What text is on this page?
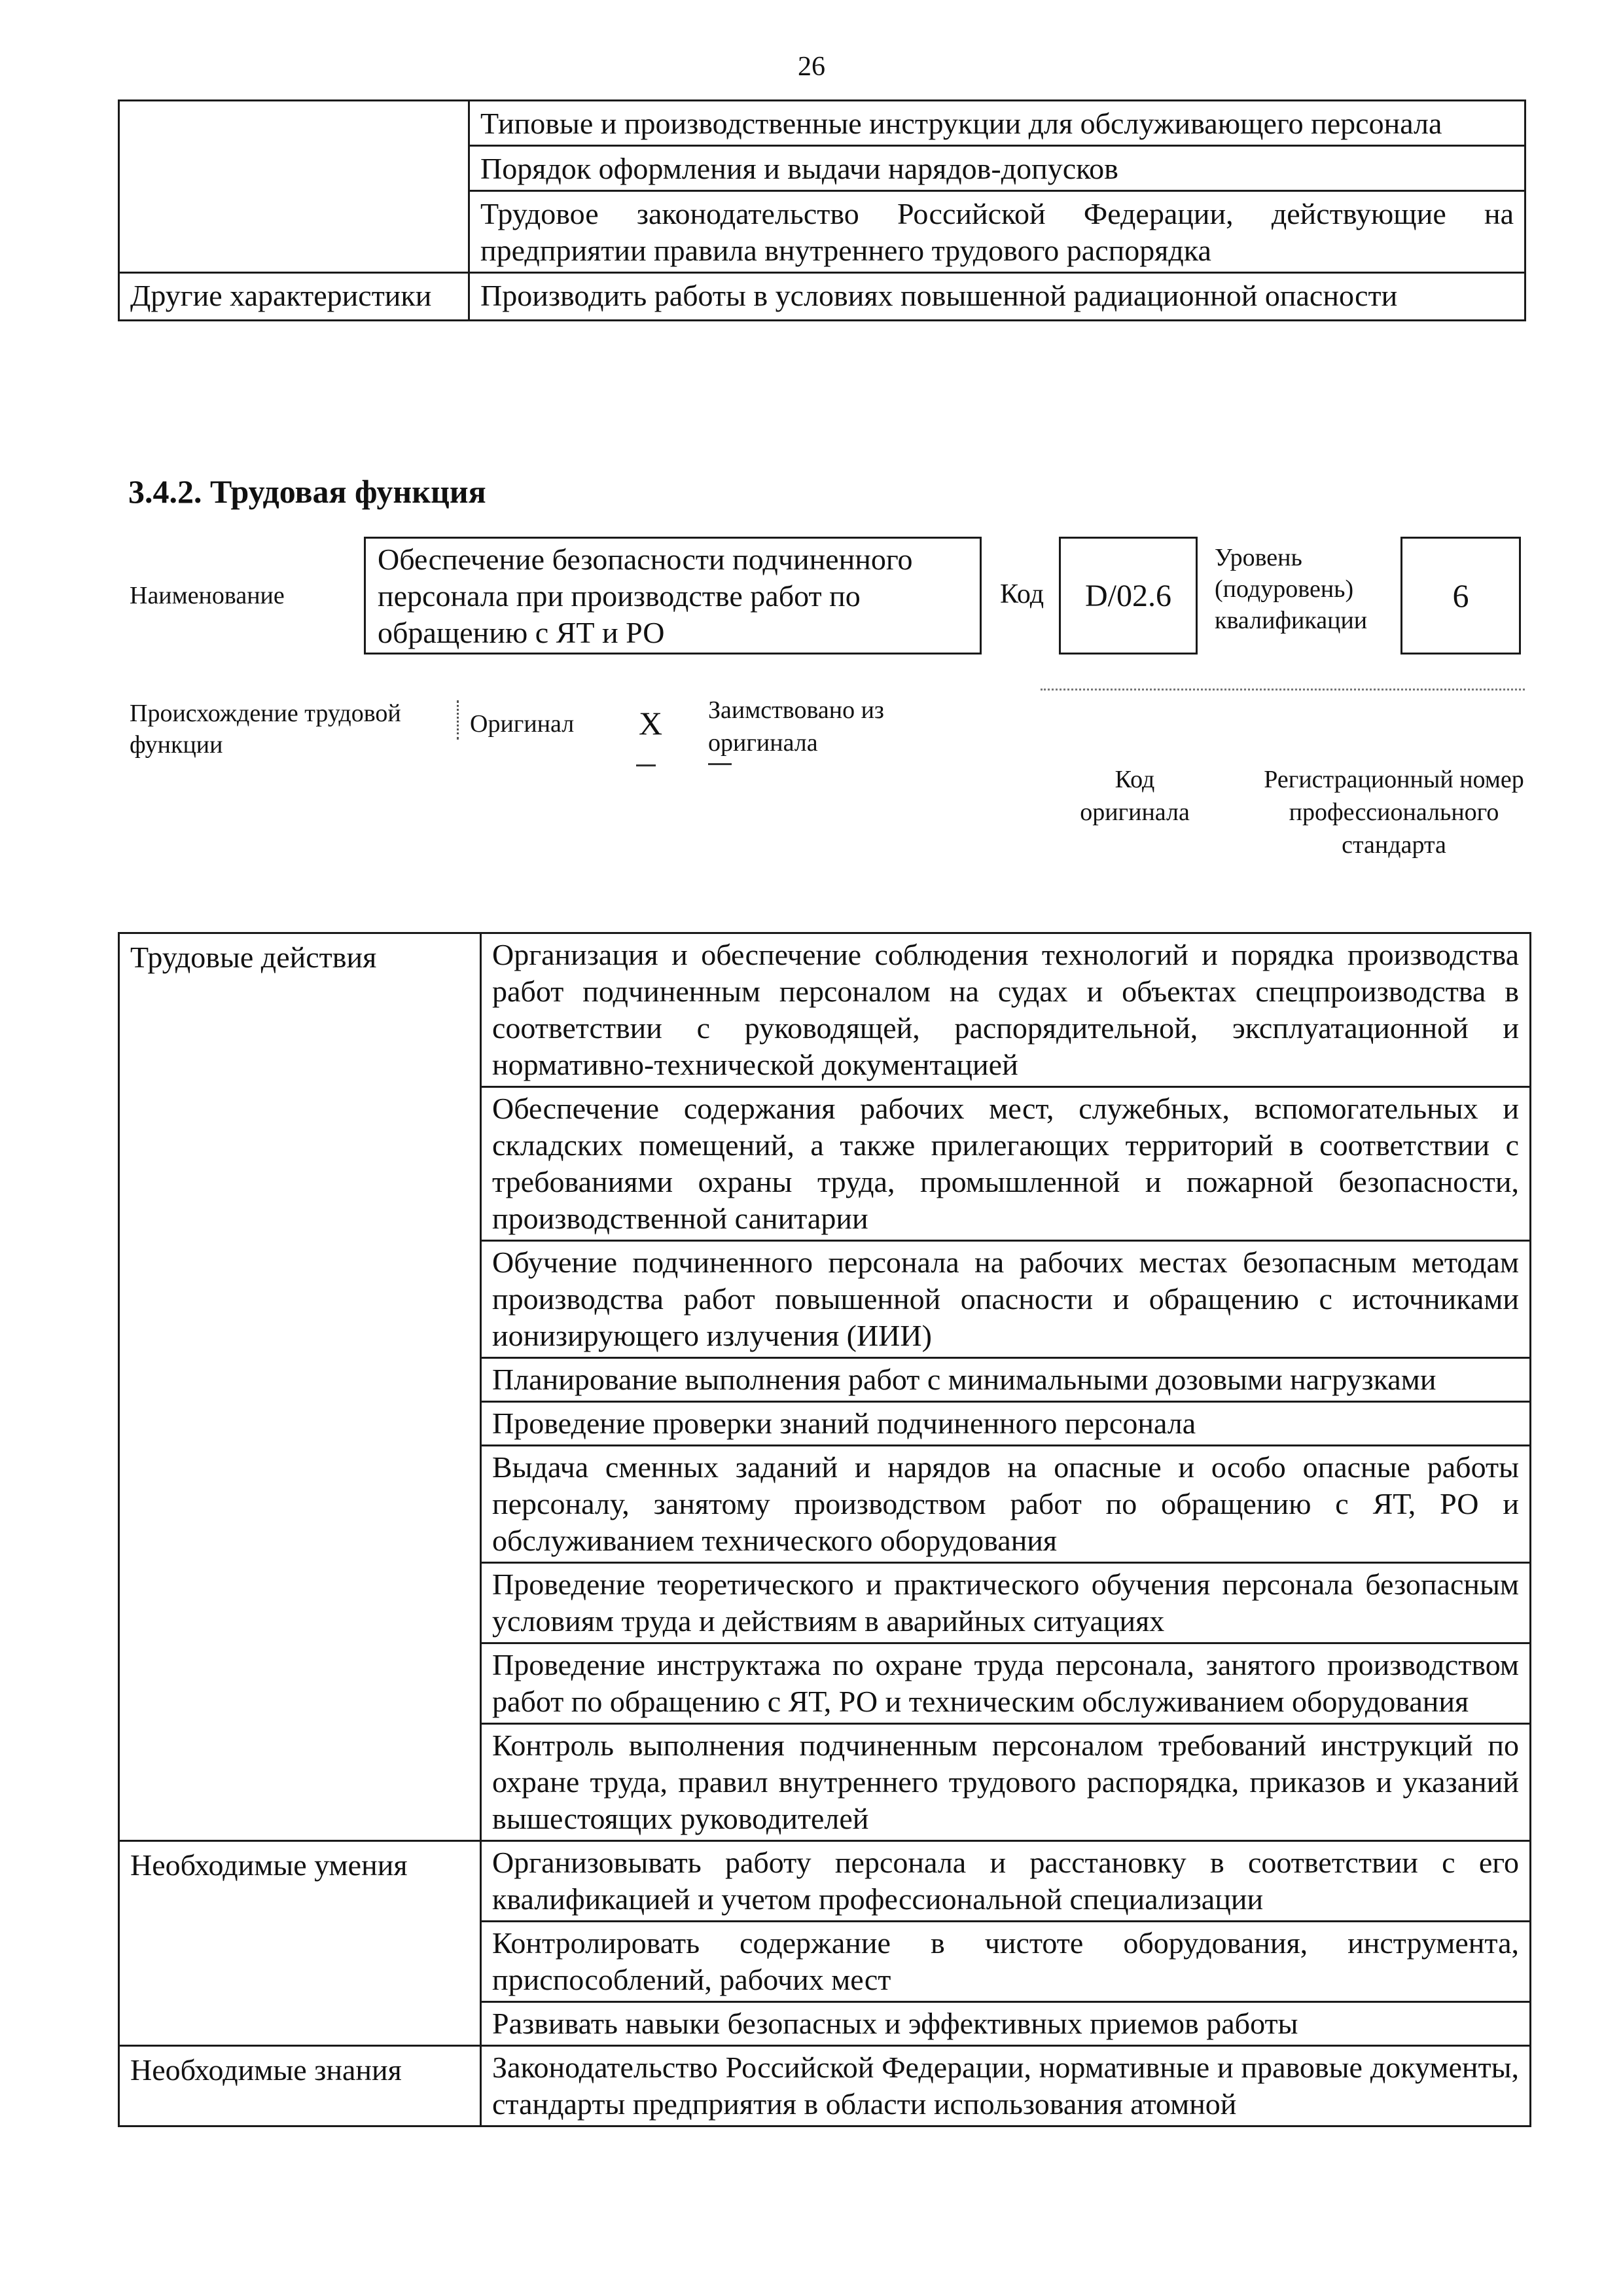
26
	Типовые и производственные инструкции для обслуживающего персонала
	Порядок оформления и выдачи нарядов-допусков
	Трудовое законодательство Российской Федерации, действующие на предприятии правила внутреннего трудового распорядка
Другие характеристики	Производить работы в условиях повышенной радиационной опасности
3.4.2. Трудовая функция
Наименование
Обеспечение безопасности подчиненного персонала при производстве работ по обращению с ЯТ и РО
Код	D/02.6
Уровень (подуровень) квалификации
6
Происхождение трудовой функции
Оригинал X Заимствовано из оригинала
Код оригинала
Регистрационный номер профессионального стандарта
Трудовые действия	Организация и обеспечение соблюдения технологий и порядка производства работ подчиненным персоналом на судах и объектах спецпроизводства в соответствии с руководящей, распорядительной, эксплуатационной и нормативно-технической документацией
	Обеспечение содержания рабочих мест, служебных, вспомогательных и складских помещений, а также прилегающих территорий в соответствии с требованиями охраны труда, промышленной и пожарной безопасности, производственной санитарии
	Обучение подчиненного персонала на рабочих местах безопасным методам производства работ повышенной опасности и обращению с источниками ионизирующего излучения (ИИИ)
	Планирование выполнения работ с минимальными дозовыми нагрузками
	Проведение проверки знаний подчиненного персонала
	Выдача сменных заданий и нарядов на опасные и особо опасные работы персоналу, занятому производством работ по обращению с ЯТ, РО и обслуживанием технического оборудования
	Проведение теоретического и практического обучения персонала безопасным условиям труда и действиям в аварийных ситуациях
	Проведение инструктажа по охране труда персонала, занятого производством работ по обращению с ЯТ, РО и техническим обслуживанием оборудования
	Контроль выполнения подчиненным персоналом требований инструкций по охране труда, правил внутреннего трудового распорядка, приказов и указаний вышестоящих руководителей
Необходимые умения	Организовывать работу персонала и расстановку в соответствии с его квалификацией и учетом профессиональной специализации
	Контролировать содержание в чистоте оборудования, инструмента, приспособлений, рабочих мест
	Развивать навыки безопасных и эффективных приемов работы
Необходимые знания	Законодательство Российской Федерации, нормативные и правовые документы, стандарты предприятия в области использования атомной
